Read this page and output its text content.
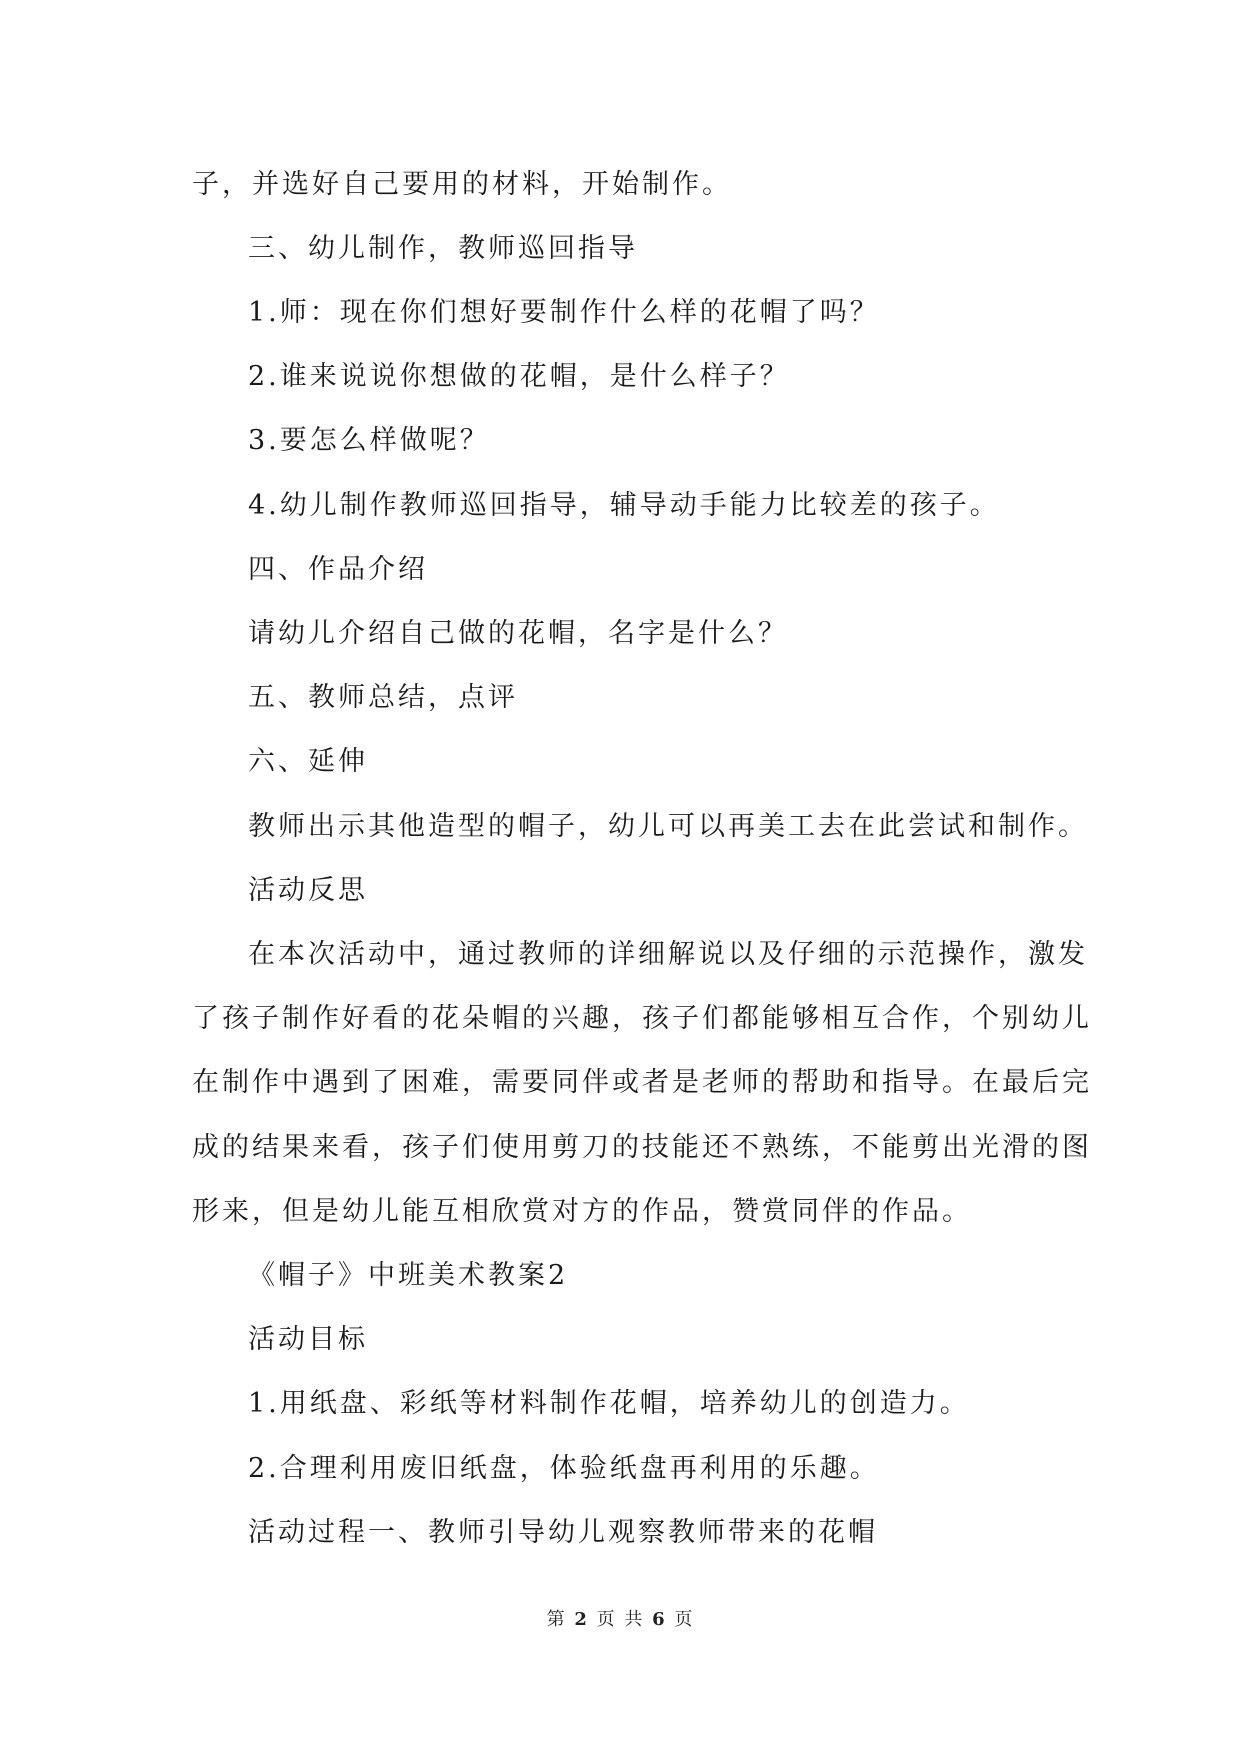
子，并选好自己要用的材料，开始制作。
三、幼儿制作，教师巡回指导
1.师：现在你们想好要制作什么样的花帽了吗？
2.谁来说说你想做的花帽，是什么样子？
3.要怎么样做呢？
4.幼儿制作教师巡回指导，辅导动手能力比较差的孩子。
四、作品介绍
请幼儿介绍自己做的花帽，名字是什么？
五、教师总结，点评
六、延伸
教师出示其他造型的帽子，幼儿可以再美工去在此尝试和制作。
活动反思
在本次活动中，通过教师的详细解说以及仔细的示范操作，激发
了孩子制作好看的花朵帽的兴趣，孩子们都能够相互合作，个别幼儿
在制作中遇到了困难，需要同伴或者是老师的帮助和指导。在最后完
成的结果来看，孩子们使用剪刀的技能还不熟练，不能剪出光滑的图
形来，但是幼儿能互相欣赏对方的作品，赞赏同伴的作品。
《帽子》中班美术教案2
活动目标
1.用纸盘、彩纸等材料制作花帽，培养幼儿的创造力。
2.合理利用废旧纸盘，体验纸盘再利用的乐趣。
活动过程一、教师引导幼儿观察教师带来的花帽
第 2 页 共 6 页
